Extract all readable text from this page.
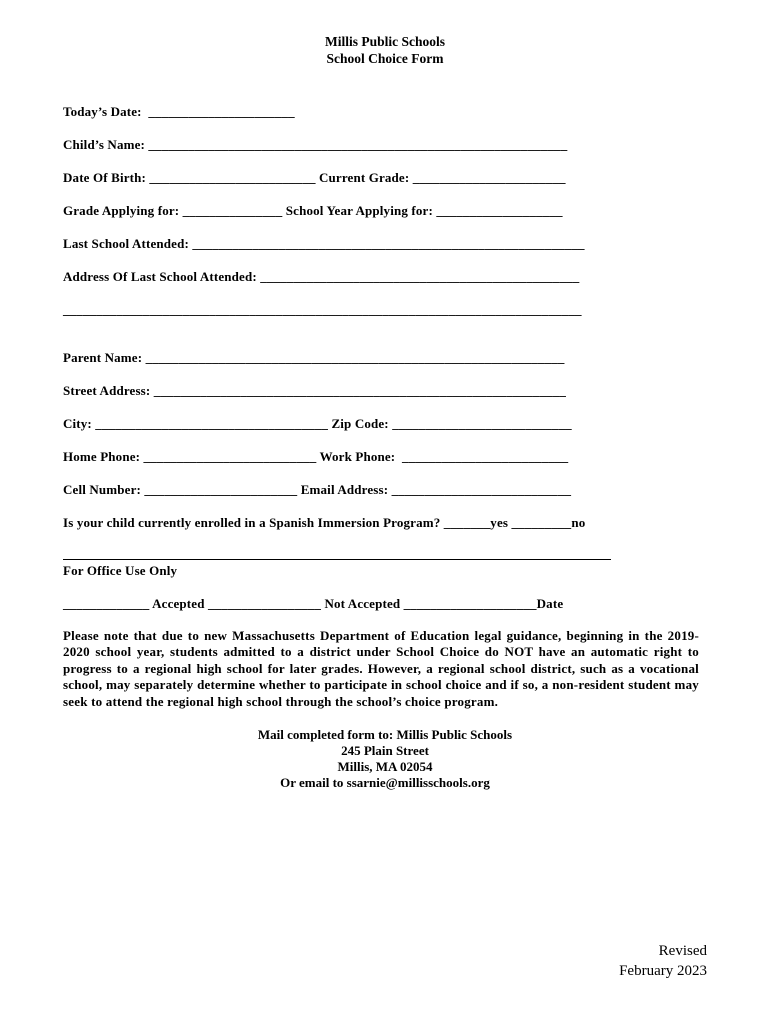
Millis Public Schools
School Choice Form
Today’s Date:  ______________________
Child’s Name: _______________________________________________________________
Date Of Birth: _________________________ Current Grade: _______________________
Grade Applying for: _______________ School Year Applying for: ___________________
Last School Attended: ___________________________________________________________
Address Of Last School Attended: ________________________________________________
______________________________________________________________________________
Parent Name: _______________________________________________________________
Street Address: ______________________________________________________________
City: ___________________________________ Zip Code: ___________________________
Home Phone: __________________________ Work Phone:  _________________________
Cell Number: _______________________ Email Address: ___________________________
Is your child currently enrolled in a Spanish Immersion Program? _______yes _________no
For Office Use Only
_____________ Accepted _________________ Not Accepted ____________________Date
Please note that due to new Massachusetts Department of Education legal guidance, beginning in the 2019-2020 school year, students admitted to a district under School Choice do NOT have an automatic right to progress to a regional high school for later grades. However, a regional school district, such as a vocational school, may separately determine whether to participate in school choice and if so, a non-resident student may seek to attend the regional high school through the school’s choice program.
Mail completed form to: Millis Public Schools
245 Plain Street
Millis, MA 02054
Or email to ssarnie@millisschools.org
Revised
February 2023
